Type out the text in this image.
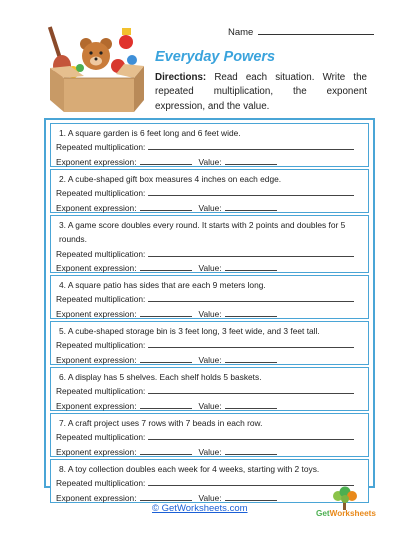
Name
Everyday Powers
Directions: Read each situation. Write the repeated multiplication, the exponent expression, and the value.
1. A square garden is 6 feet long and 6 feet wide.
Repeated multiplication:
Exponent expression:	Value:
2. A cube-shaped gift box measures 4 inches on each edge.
Repeated multiplication:
Exponent expression:	Value:
3. A game score doubles every round. It starts with 2 points and doubles for 5 rounds.
Repeated multiplication:
Exponent expression:	Value:
4. A square patio has sides that are each 9 meters long.
Repeated multiplication:
Exponent expression:	Value:
5. A cube-shaped storage bin is 3 feet long, 3 feet wide, and 3 feet tall.
Repeated multiplication:
Exponent expression:	Value:
6. A display has 5 shelves. Each shelf holds 5 baskets.
Repeated multiplication:
Exponent expression:	Value:
7. A craft project uses 7 rows with 7 beads in each row.
Repeated multiplication:
Exponent expression:	Value:
8. A toy collection doubles each week for 4 weeks, starting with 2 toys.
Repeated multiplication:
Exponent expression:	Value:
© GetWorksheets.com	GetWorksheets
